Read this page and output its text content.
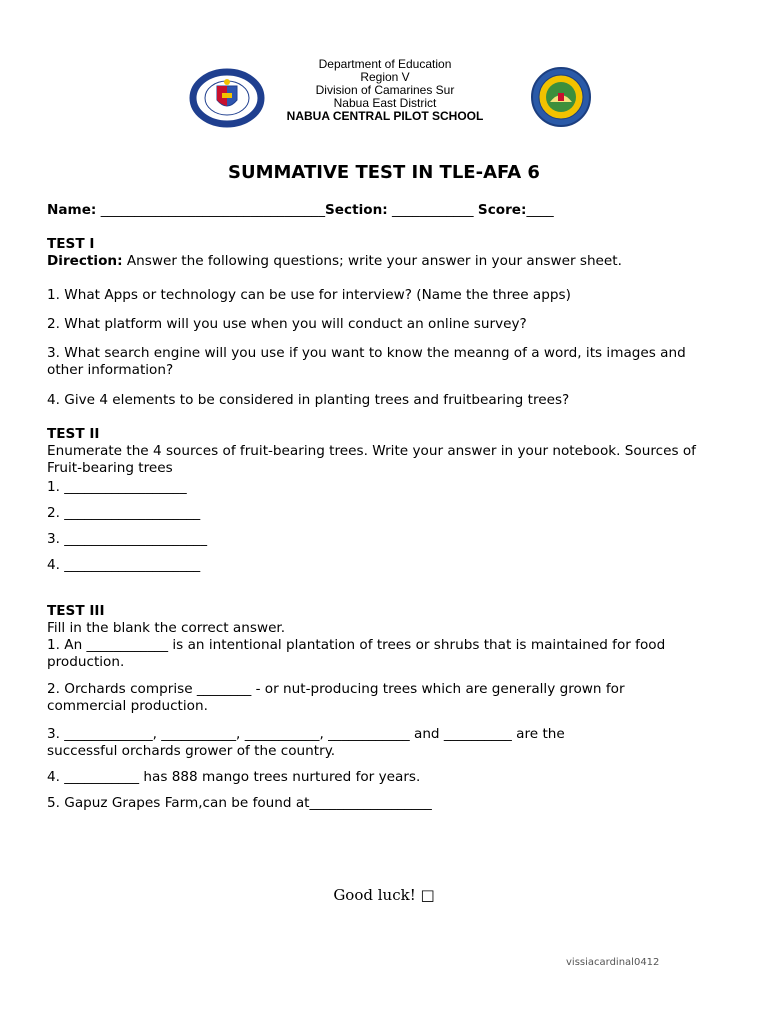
Department of Education
Region V
Division of Camarines Sur
Nabua East District
NABUA CENTRAL PILOT SCHOOL
SUMMATIVE TEST IN TLE-AFA 6
Name: _________________________________Section: ____________ Score:____
TEST I
Direction: Answer the following questions; write your answer in your answer sheet.
1. What Apps or technology can be use for interview? (Name the three apps)
2. What platform will you use when you will conduct an online survey?
3. What search engine will you use if you want to know the meanng of a word, its images and
other information?
4. Give 4 elements to be considered in planting trees and fruitbearing trees?
TEST II
Enumerate the 4 sources of fruit-bearing trees. Write your answer in your notebook. Sources of
Fruit-bearing trees
1. __________________
2. ____________________
3. _____________________
4. ____________________
TEST III
Fill in the blank the correct answer.
1. An ____________ is an intentional plantation of trees or shrubs that is maintained for food
production.
2. Orchards comprise ________ - or nut-producing trees which are generally grown for
commercial production.
3. _____________, ___________, ___________, ____________ and __________ are the
successful orchards grower of the country.
4. ___________ has 888 mango trees nurtured for years.
5. Gapuz Grapes Farm,can be found at__________________
Good luck! □
vissiacardinal0412
